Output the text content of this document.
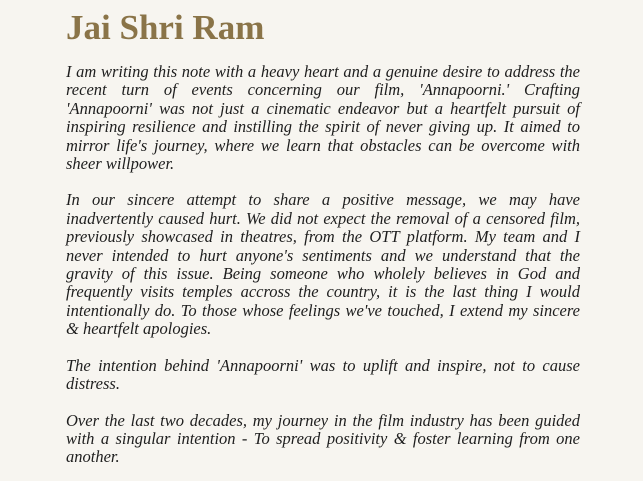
Jai Shri Ram

I am writing this note with a heavy heart and a genuine desire to address the recent turn of events concerning our film, 'Annapoorni.' Crafting 'Annapoorni' was not just a cinematic endeavor but a heartfelt pursuit of inspiring resilience and instilling the spirit of never giving up. It aimed to mirror life's journey, where we learn that obstacles can be overcome with sheer willpower.

In our sincere attempt to share a positive message, we may have inadvertently caused hurt. We did not expect the removal of a censored film, previously showcased in theatres, from the OTT platform. My team and I never intended to hurt anyone's sentiments and we understand that the gravity of this issue. Being someone who wholely believes in God and frequently visits temples accross the country, it is the last thing I would intentionally do. To those whose feelings we've touched, I extend my sincere & heartfelt apologies.

The intention behind 'Annapoorni' was to uplift and inspire, not to cause distress.

Over the last two decades, my journey in the film industry has been guided with a singular intention - To spread positivity & foster learning from one another.
